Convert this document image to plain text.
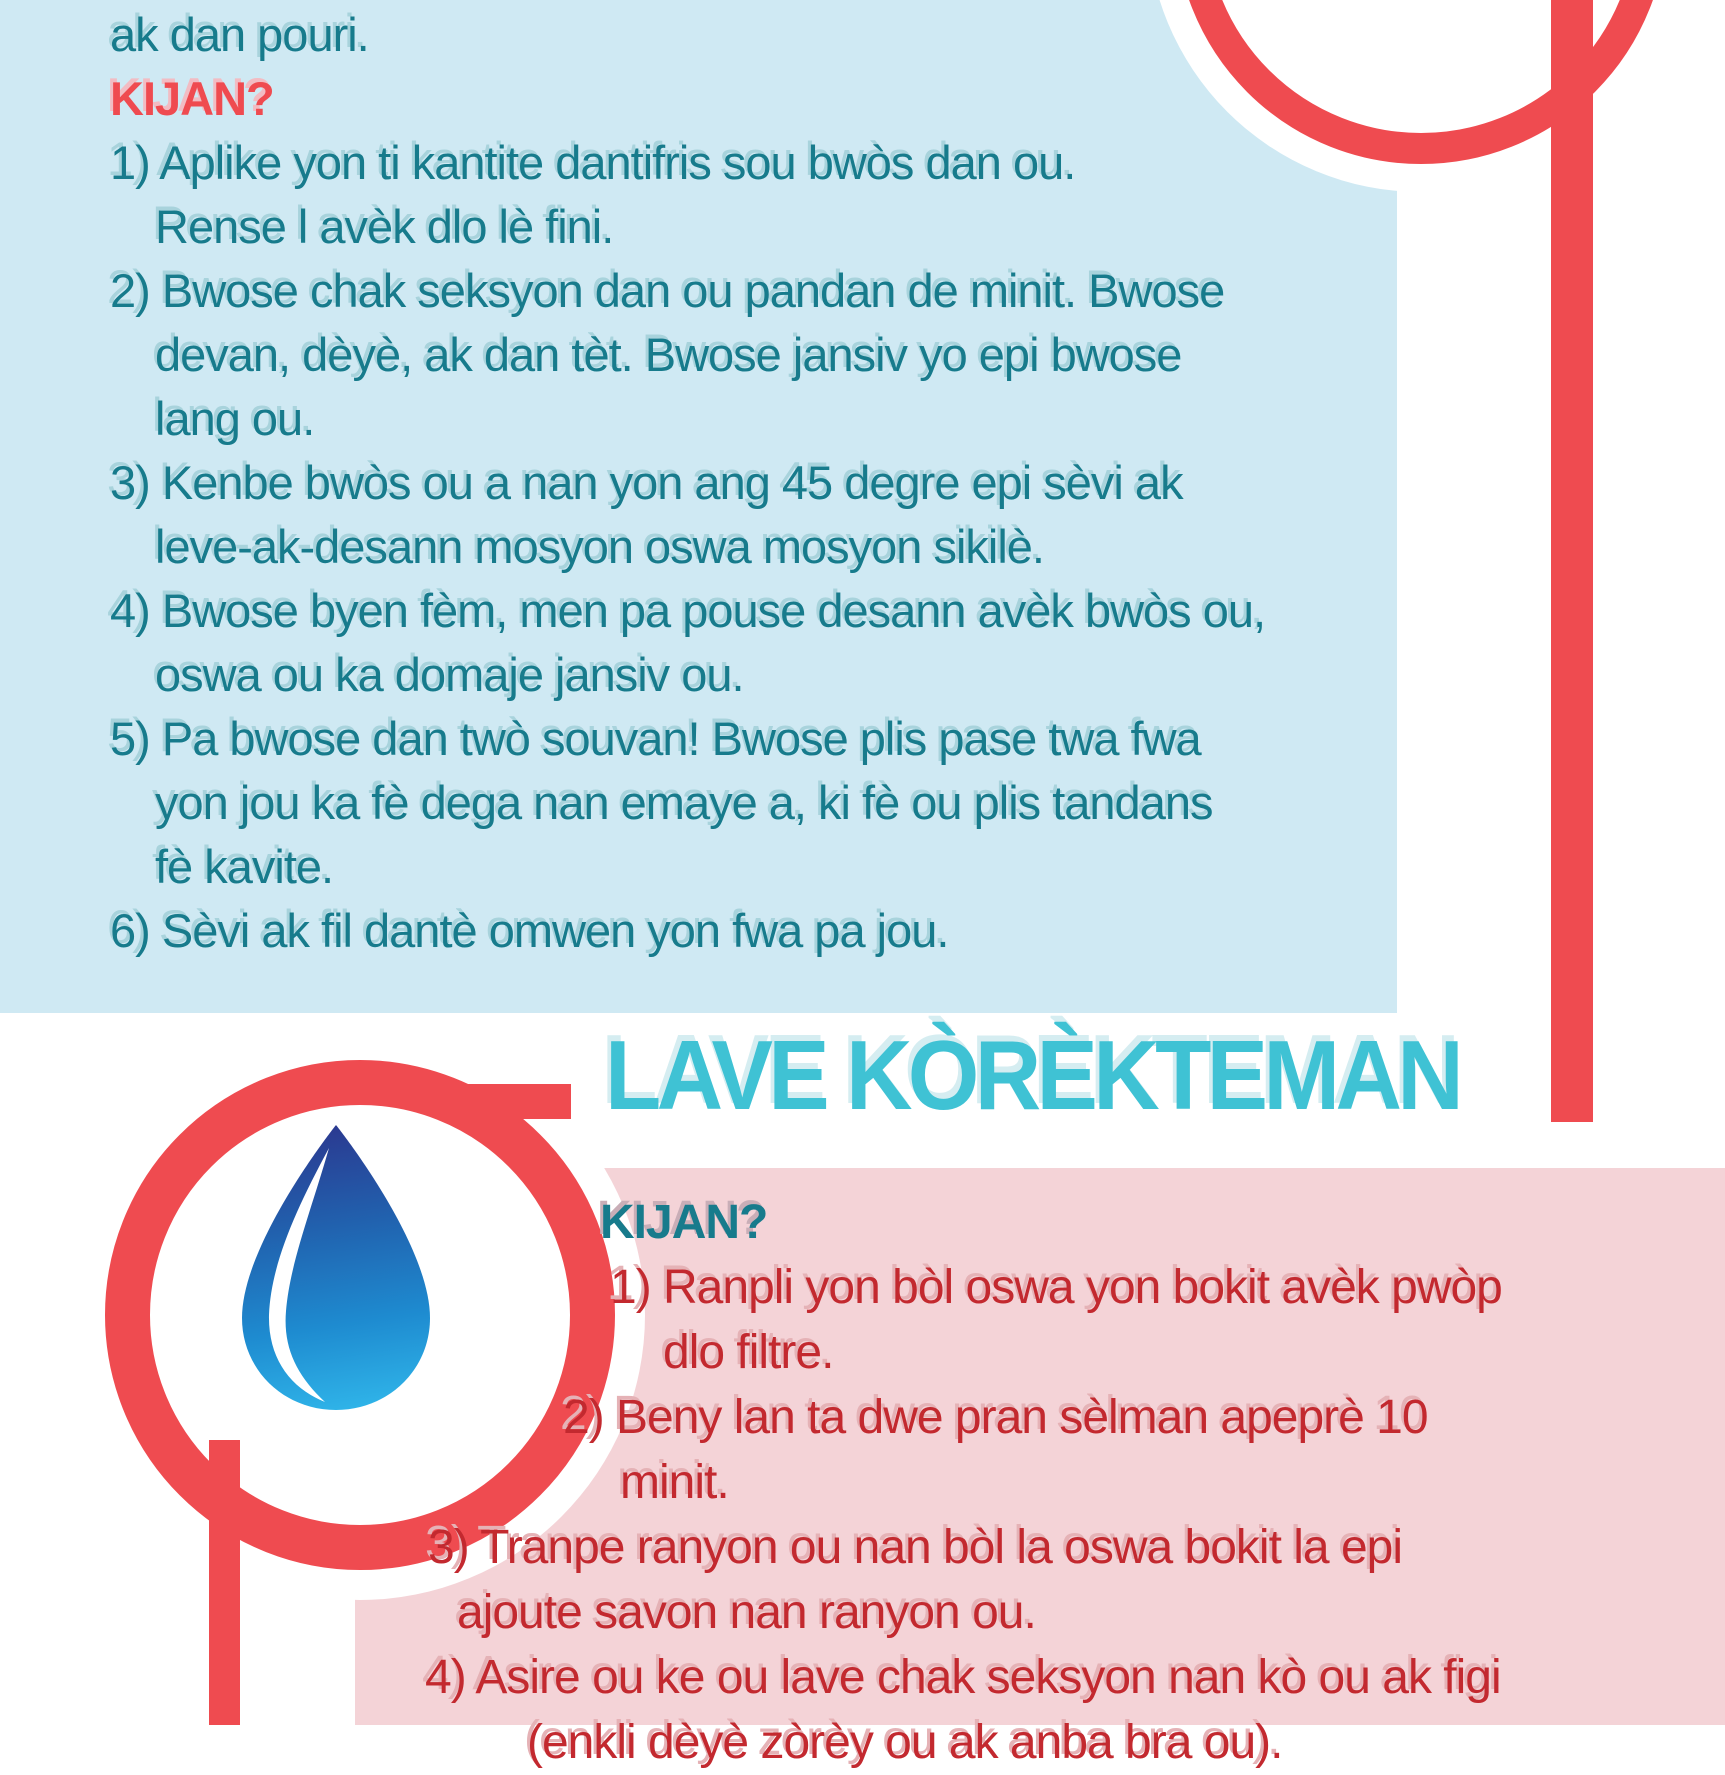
LAVE KÒRÈKTEMAN
ak dan pouri.
KIJAN?
1) Aplike yon ti kantite dantifris sou bwòs dan ou.
Rense l avèk dlo lè fini.
2) Bwose chak seksyon dan ou pandan de minit. Bwose
devan, dèyè, ak dan tèt. Bwose jansiv yo epi bwose
lang ou.
3) Kenbe bwòs ou a nan yon ang 45 degre epi sèvi ak
leve-ak-desann mosyon oswa mosyon sikilè.
4) Bwose byen fèm, men pa pouse desann avèk bwòs ou,
oswa ou ka domaje jansiv ou.
5) Pa bwose dan twò souvan! Bwose plis pase twa fwa
yon jou ka fè dega nan emaye a, ki fè ou plis tandans
fè kavite.
6) Sèvi ak fil dantè omwen yon fwa pa jou.
KIJAN?
1) Ranpli yon bòl oswa yon bokit avèk pwòp
dlo filtre.
2) Beny lan ta dwe pran sèlman apeprè 10
minit.
3) Tranpe ranyon ou nan bòl la oswa bokit la epi
ajoute savon nan ranyon ou.
4) Asire ou ke ou lave chak seksyon nan kò ou ak figi
(enkli dèyè zòrèy ou ak anba bra ou).
